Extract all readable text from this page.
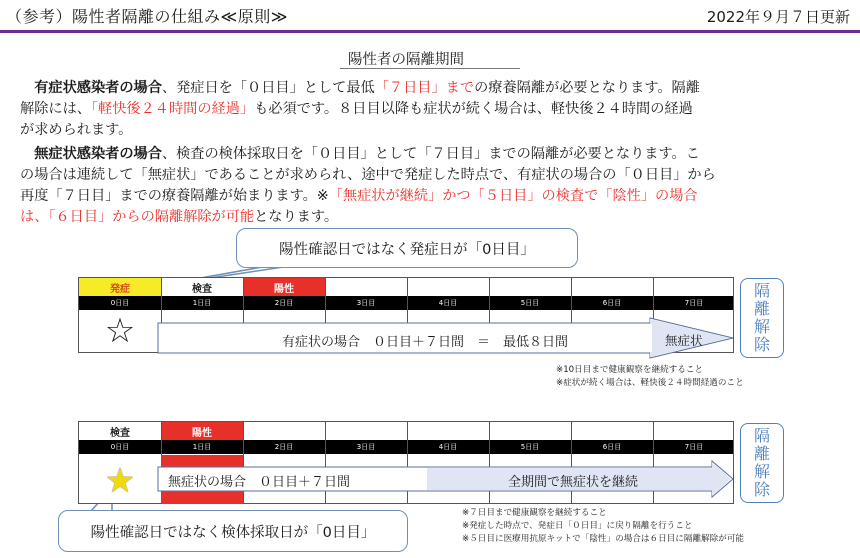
（参考）陽性者隔離の仕組み≪原則≫	2022年９月７日更新
陽性者の隔離期間
　有症状感染者の場合、発症日を「０日目」として最低「７日目」までの療養隔離が必要となります。隔離
解除には、「軽快後２４時間の経過」も必須です。８日目以降も症状が続く場合は、軽快後２４時間の経過
が求められます。
　無症状感染者の場合、検査の検体採取日を「０日目」として「７日目」までの隔離が必要となります。こ
の場合は連続して「無症状」であることが求められ、途中で発症した時点で、有症状の場合の「０日目」から
再度「７日目」までの療養隔離が始まります。※「無症状が継続」かつ「５日目」の検査で「陰性」の場合
は、「６日目」からの隔離解除が可能となります。
発症	検査	陽性
0日目	1日目	2日目	3日目	4日目	5日目	6日目	7日目
☆	有症状の場合　０日目＋７日間　＝　最低８日間	無症状
隔
離
解
除
※10日目まで健康観察を継続すること
※症状が続く場合は、軽快後２４時間経過のこと
検査	陽性
0日目	1日目	2日目	3日目	4日目	5日目	6日目	7日目
★	無症状の場合　０日目＋７日間	全期間で無症状を継続
隔
離
解
除
※７日目まで健康観察を継続すること
※発症した時点で、発症日「０日目」に戻り隔離を行うこと
※５日目に医療用抗原キットで「陰性」の場合は６日目に隔離解除が可能
陽性確認日ではなく発症日が「0日目」
陽性確認日ではなく検体採取日が「0日目」
